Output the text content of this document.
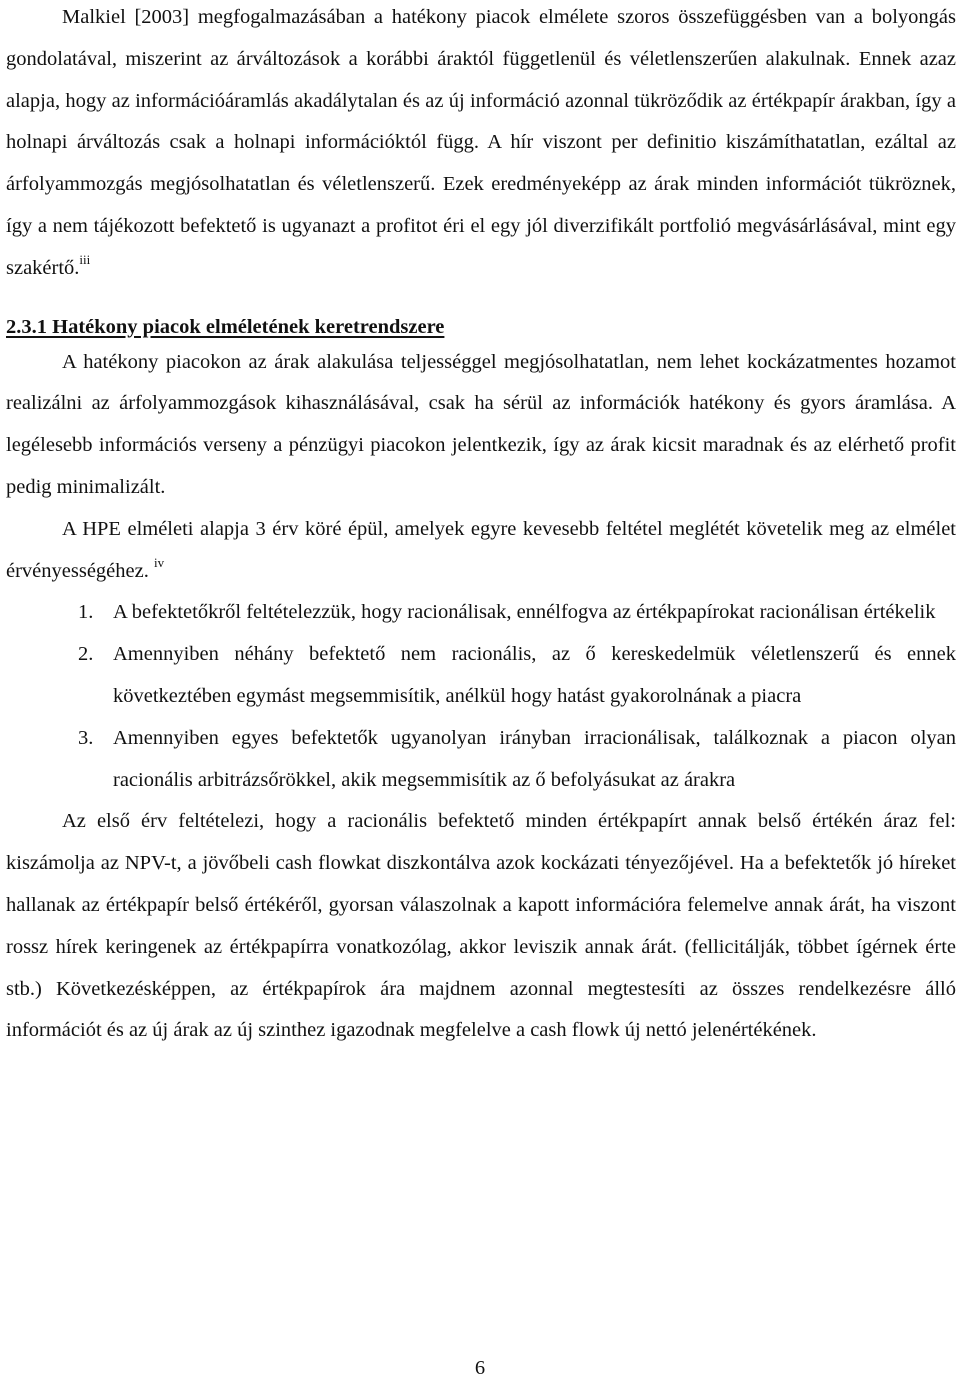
Malkiel [2003] megfogalmazásában a hatékony piacok elmélete szoros összefüggésben van a bolyongás gondolatával, miszerint az árváltozások a korábbi áraktól függetlenül és véletlenszerűen alakulnak. Ennek azaz alapja, hogy az információáramlás akadálytalan és az új információ azonnal tükröződik az értékpapír árakban, így a holnapi árváltozás csak a holnapi információktól függ. A hír viszont per definitio kiszámíthatatlan, ezáltal az árfolyammozgás megjósolhatatlan és véletlenszerű. Ezek eredményeképp az árak minden információt tükröznek, így a nem tájékozott befektető is ugyanazt a profitot éri el egy jól diverzifikált portfolió megvásárlásával, mint egy szakértő.$^{iii}$

2.3.1 Hatékony piacok elméletének keretrendszere

A hatékony piacokon az árak alakulása teljességgel megjósolhatatlan, nem lehet kockázatmentes hozamot realizálni az árfolyammozgások kihasználásával, csak ha sérül az információk hatékony és gyors áramlása. A legélesebb információs verseny a pénzügyi piacokon jelentkezik, így az árak kicsit maradnak és az elérhető profit pedig minimalizált.

A HPE elméleti alapja 3 érv köré épül, amelyek egyre kevesebb feltétel meglétét követelik meg az elmélet érvényességéhez. $^{iv}$

1. A befektetőkről feltételezzük, hogy racionálisak, ennélfogva az értékpapírokat racionálisan értékelik
2. Amennyiben néhány befektető nem racionális, az ő kereskedelmük véletlenszerű és ennek következtében egymást megsemmisítik, anélkül hogy hatást gyakorolnának a piacra
3. Amennyiben egyes befektetők ugyanolyan irányban irracionálisak, találkoznak a piacon olyan racionális arbitrázsőrökkel, akik megsemmisítik az ő befolyásukat az árakra

Az első érv feltételezi, hogy a racionális befektető minden értékpapírt annak belső értékén áraz fel: kiszámolja az NPV-t, a jövőbeli cash flowkat diszkontálva azok kockázati tényezőjével. Ha a befektetők jó híreket hallanak az értékpapír belső értékéről, gyorsan válaszolnak a kapott információra felemelve annak árát, ha viszont rossz hírek keringenek az értékpapírra vonatkozólag, akkor leviszik annak árát. (fellicitálják, többet ígérnek érte stb.) Következésképpen, az értékpapírok ára majdnem azonnal megtestesíti az összes rendelkezésre álló információt és az új árak az új szinthez igazodnak megfelelve a cash flowk új nettó jelenértékének.

6
